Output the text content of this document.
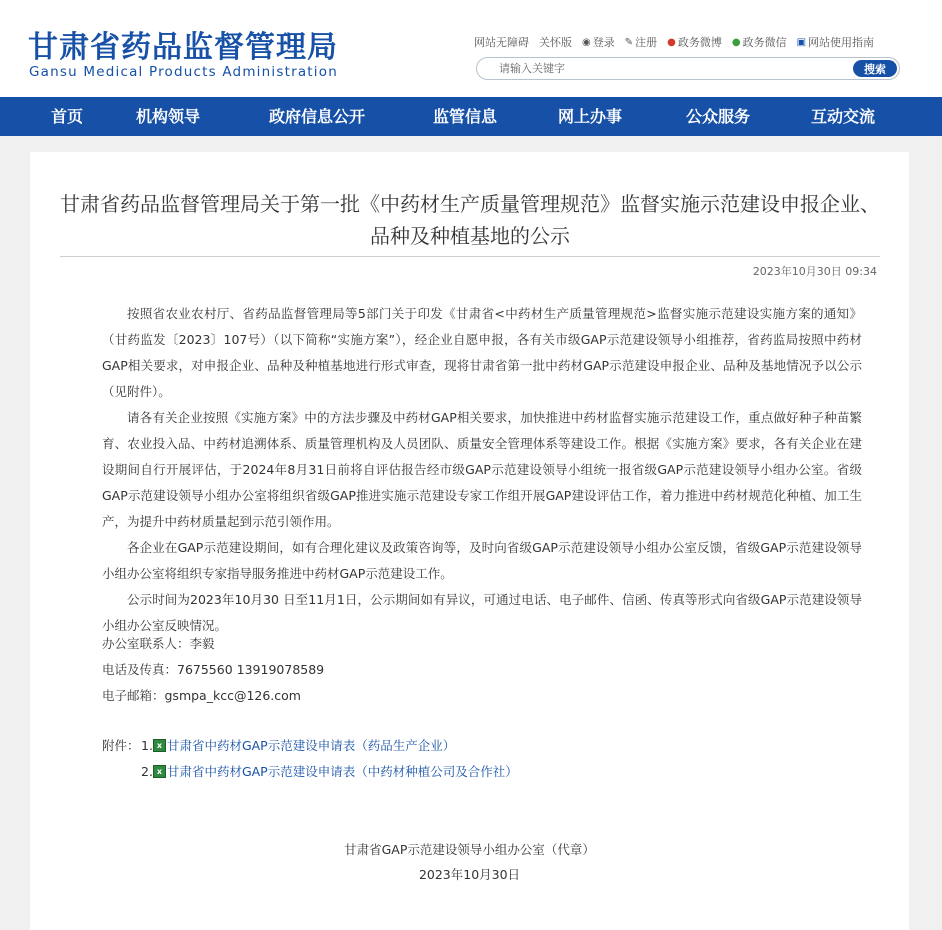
甘肃省药品监督管理局
Gansu Medical Products Administration
网站无障碍 关怀版 ◉ 登录 ✎ 注册 ● 政务微博 ● 政务微信 ▣ 网站使用指南
请输入关键字
搜索
首页	机构领导	政府信息公开	监管信息	网上办事	公众服务	互动交流
甘肃省药品监督管理局关于第一批《中药材生产质量管理规范》监督实施示范建设申报企业、品种及种植基地的公示
2023年10月30日 09:34

按照省农业农村厅、省药品监督管理局等5部门关于印发《甘肃省<中药材生产质量管理规范>监督实施示范建设实施方案的通知》（甘药监发〔2023〕107号）（以下简称“实施方案”），经企业自愿申报，各有关市级GAP示范建设领导小组推荐，省药监局按照中药材GAP相关要求，对申报企业、品种及种植基地进行形式审查，现将甘肃省第一批中药材GAP示范建设申报企业、品种及基地情况予以公示（见附件）。

请各有关企业按照《实施方案》中的方法步骤及中药材GAP相关要求，加快推进中药材监督实施示范建设工作，重点做好种子种苗繁育、农业投入品、中药材追溯体系、质量管理机构及人员团队、质量安全管理体系等建设工作。根据《实施方案》要求，各有关企业在建设期间自行开展评估，于2024年8月31日前将自评估报告经市级GAP示范建设领导小组统一报省级GAP示范建设领导小组办公室。省级GAP示范建设领导小组办公室将组织省级GAP推进实施示范建设专家工作组开展GAP建设评估工作，着力推进中药材规范化种植、加工生产，为提升中药材质量起到示范引领作用。

各企业在GAP示范建设期间，如有合理化建议及政策咨询等，及时向省级GAP示范建设领导小组办公室反馈，省级GAP示范建设领导小组办公室将组织专家指导服务推进中药材GAP示范建设工作。

公示时间为2023年10月30 日至11月1日，公示期间如有异议，可通过电话、电子邮件、信函、传真等形式向省级GAP示范建设领导小组办公室反映情况。

办公室联系人：李毅
电话及传真：7675560 13919078589
电子邮箱：gsmpa_kcc@126.com
附件： 1. x 甘肃省中药材GAP示范建设申请表（药品生产企业）
2. x 甘肃省中药材GAP示范建设申请表（中药材种植公司及合作社）
甘肃省GAP示范建设领导小组办公室（代章）
2023年10月30日
